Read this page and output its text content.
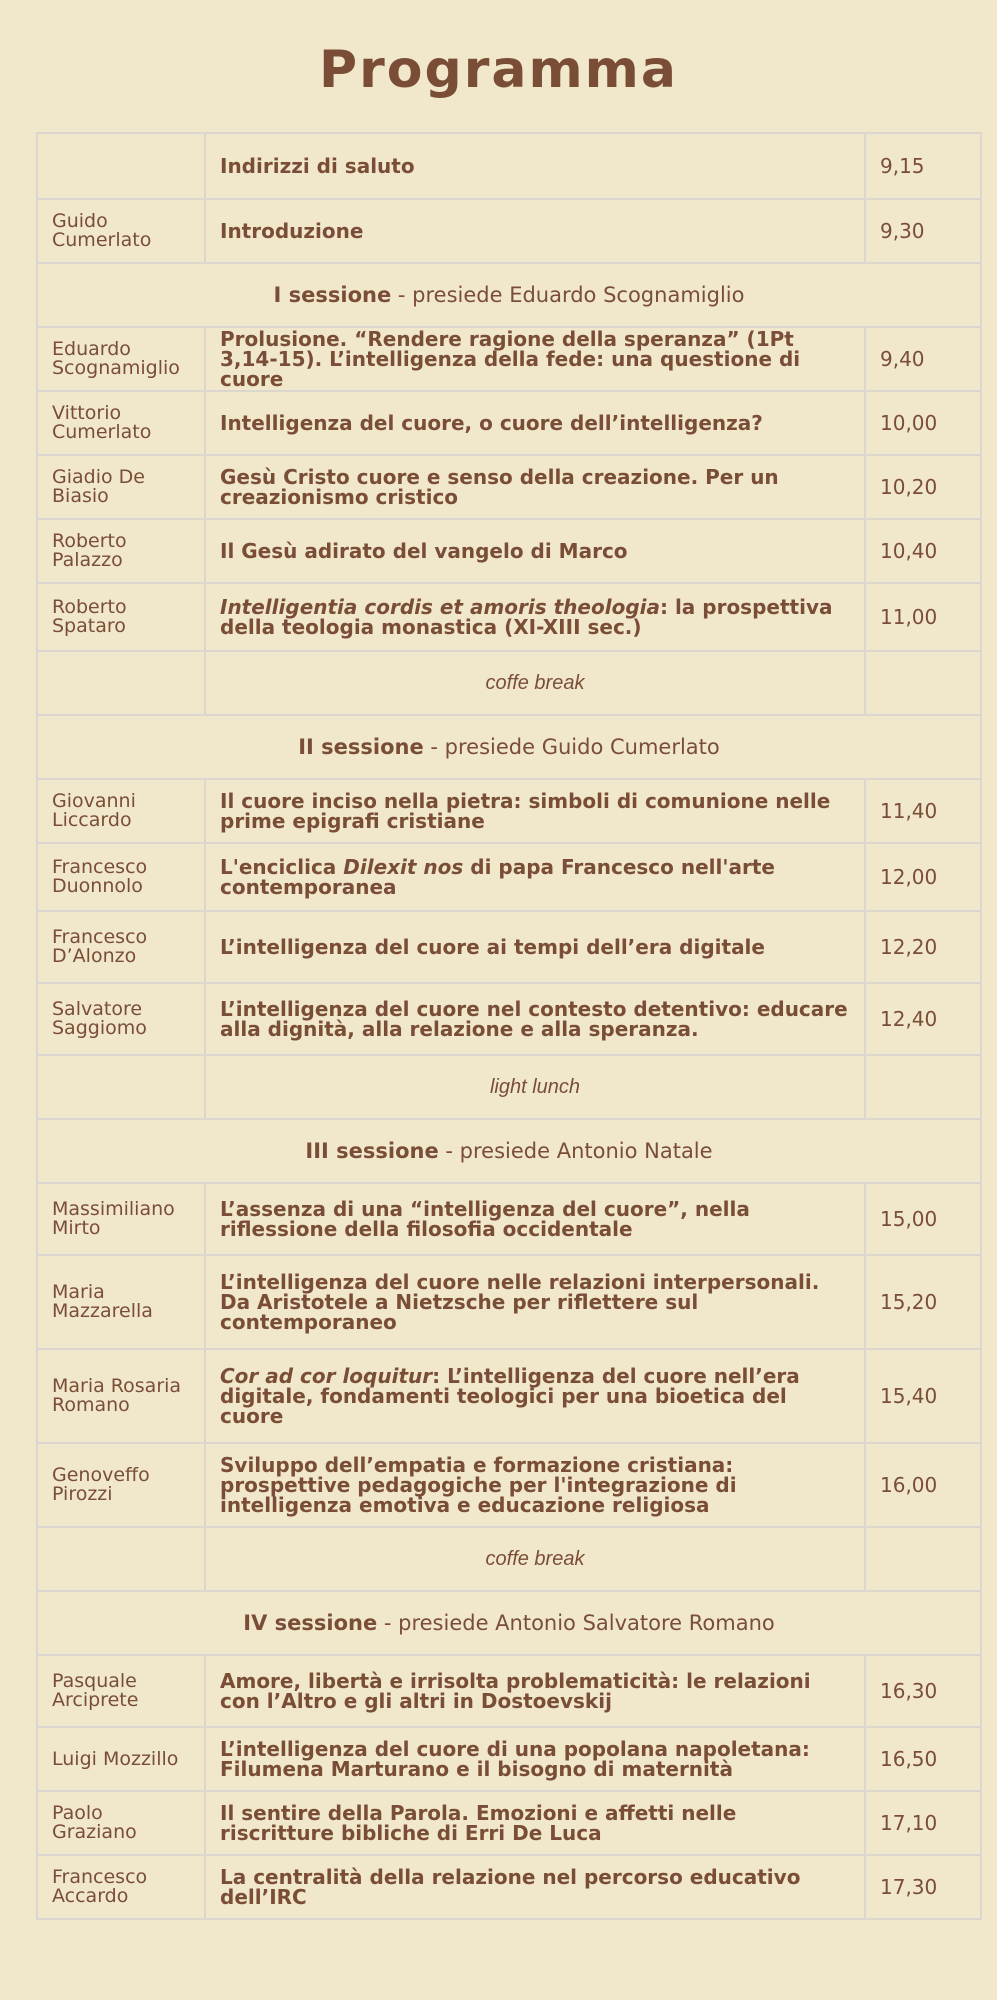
Programma
	Indirizzi di saluto	9,15
Guido Cumerlato	Introduzione	9,30
I sessione - presiede Eduardo Scognamiglio		
Eduardo Scognamiglio	Prolusione. “Rendere ragione della speranza” (1Pt 3,14-15). L’intelligenza della fede: una questione di cuore	9,40
Vittorio Cumerlato	Intelligenza del cuore, o cuore dell’intelligenza?	10,00
Giadio De Biasio	Gesù Cristo cuore e senso della creazione. Per un creazionismo cristico	10,20
Roberto Palazzo	Il Gesù adirato del vangelo di Marco	10,40
Roberto Spataro	Intelligentia cordis et amoris theologia: la prospettiva della teologia monastica (XI-XIII sec.)	11,00
	coffe break	
II sessione - presiede Guido Cumerlato		
Giovanni Liccardo	Il cuore inciso nella pietra: simboli di comunione nelle prime epigrafi cristiane	11,40
Francesco Duonnolo	L'enciclica Dilexit nos di papa Francesco nell'arte contemporanea	12,00
Francesco D’Alonzo	L’intelligenza del cuore ai tempi dell’era digitale	12,20
Salvatore Saggiomo	L’intelligenza del cuore nel contesto detentivo: educare alla dignità, alla relazione e alla speranza.	12,40
	light lunch	
III sessione - presiede Antonio Natale		
Massimiliano Mirto	L’assenza di una “intelligenza del cuore”, nella riflessione della filosofia occidentale	15,00
Maria Mazzarella	L’intelligenza del cuore nelle relazioni interpersonali. Da Aristotele a Nietzsche per riflettere sul contemporaneo	15,20
Maria Rosaria Romano	Cor ad cor loquitur: L’intelligenza del cuore nell’era digitale, fondamenti teologici per una bioetica del cuore	15,40
Genoveffo Pirozzi	Sviluppo dell’empatia e formazione cristiana: prospettive pedagogiche per l'integrazione di intelligenza emotiva e educazione religiosa	16,00
	coffe break	
IV sessione - presiede Antonio Salvatore Romano		
Pasquale Arciprete	Amore, libertà e irrisolta problematicità: le relazioni con l’Altro e gli altri in Dostoevskij	16,30
Luigi Mozzillo	L’intelligenza del cuore di una popolana napoletana: Filumena Marturano e il bisogno di maternità	16,50
Paolo Graziano	Il sentire della Parola. Emozioni e affetti nelle riscritture bibliche di Erri De Luca	17,10
Francesco Accardo	La centralità della relazione nel percorso educativo dell’IRC	17,30
